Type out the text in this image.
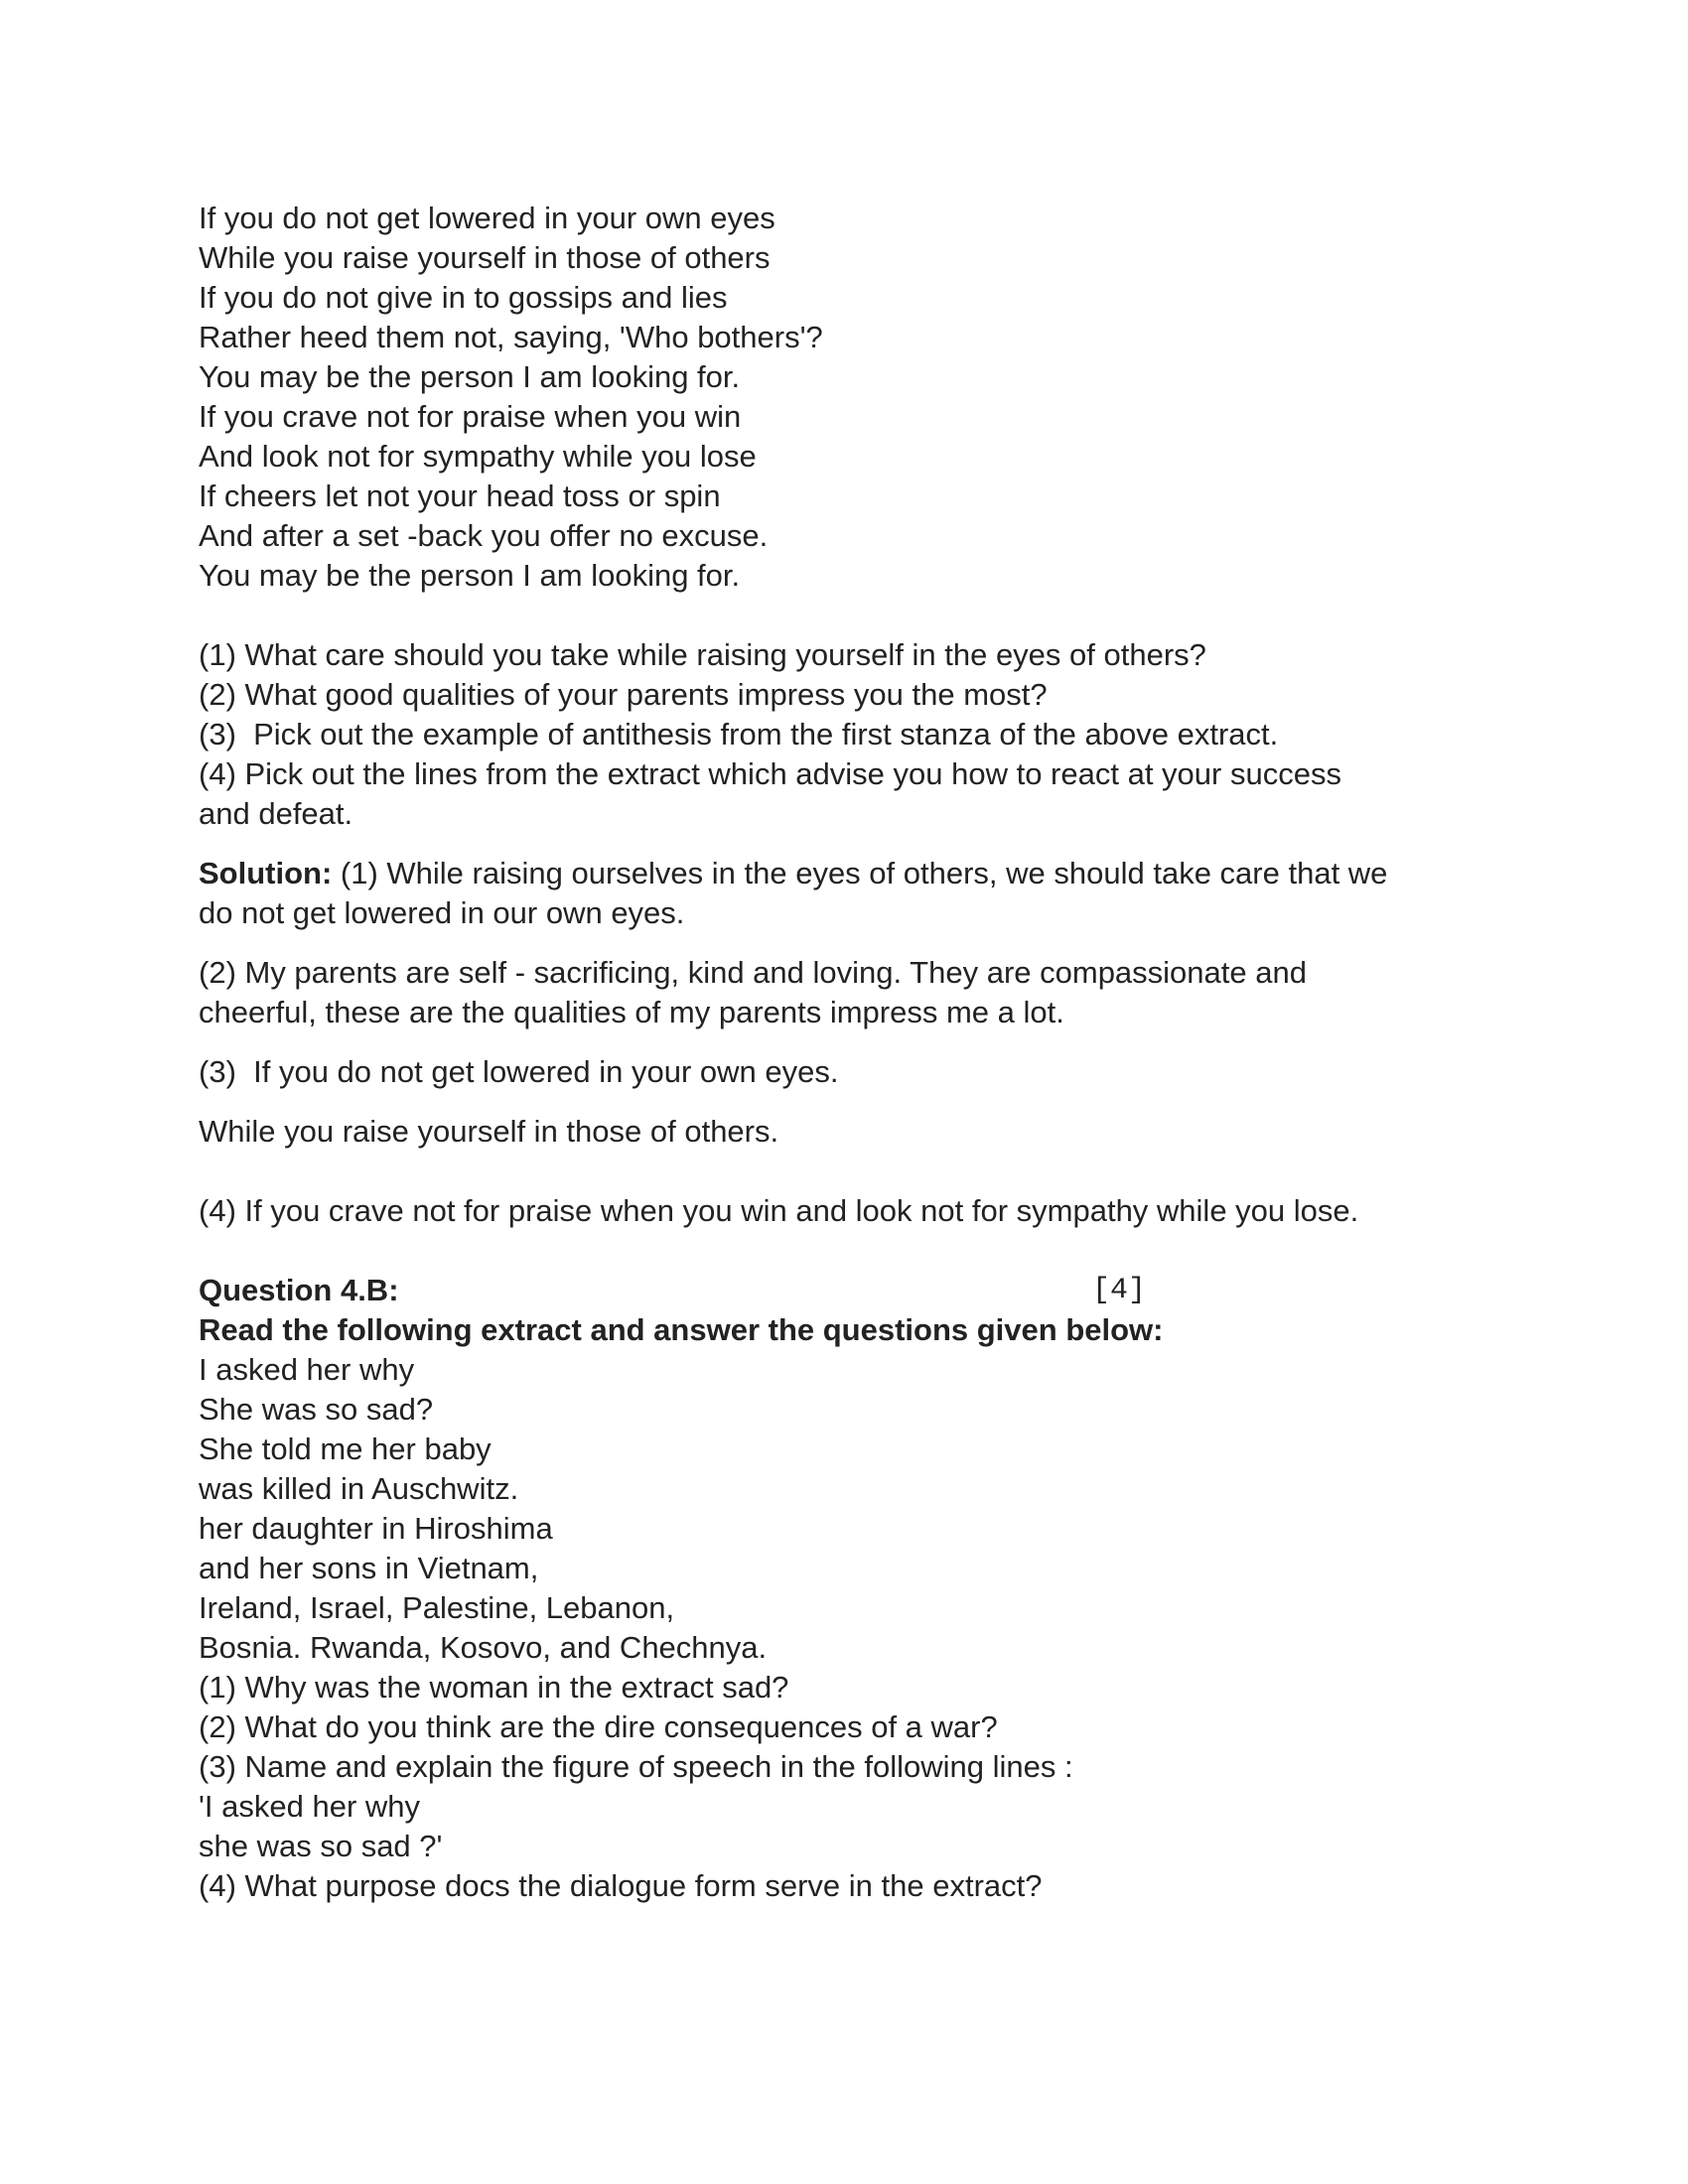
If you do not get lowered in your own eyes
While you raise yourself in those of others
If you do not give in to gossips and lies
Rather heed them not, saying, 'Who bothers'?
You may be the person I am looking for.
If you crave not for praise when you win
And look not for sympathy while you lose
If cheers let not your head toss or spin
And after a set -back you offer no excuse.
You may be the person I am looking for.
(1) What care should you take while raising yourself in the eyes of others?
(2) What good qualities of your parents impress you the most?
(3)  Pick out the example of antithesis from the first stanza of the above extract.
(4) Pick out the lines from the extract which advise you how to react at your success
and defeat.
Solution: (1) While raising ourselves in the eyes of others, we should take care that we
do not get lowered in our own eyes.
(2) My parents are self - sacrificing, kind and loving. They are compassionate and
cheerful, these are the qualities of my parents impress me a lot.
(3)  If you do not get lowered in your own eyes.
While you raise yourself in those of others.
(4) If you crave not for praise when you win and look not for sympathy while you lose.
Question 4.B:	[4]
Read the following extract and answer the questions given below:
I asked her why
She was so sad?
She told me her baby
was killed in Auschwitz.
her daughter in Hiroshima
and her sons in Vietnam,
Ireland, Israel, Palestine, Lebanon,
Bosnia. Rwanda, Kosovo, and Chechnya.
(1) Why was the woman in the extract sad?
(2) What do you think are the dire consequences of a war?
(3) Name and explain the figure of speech in the following lines :
'I asked her why
she was so sad ?'
(4) What purpose docs the dialogue form serve in the extract?
